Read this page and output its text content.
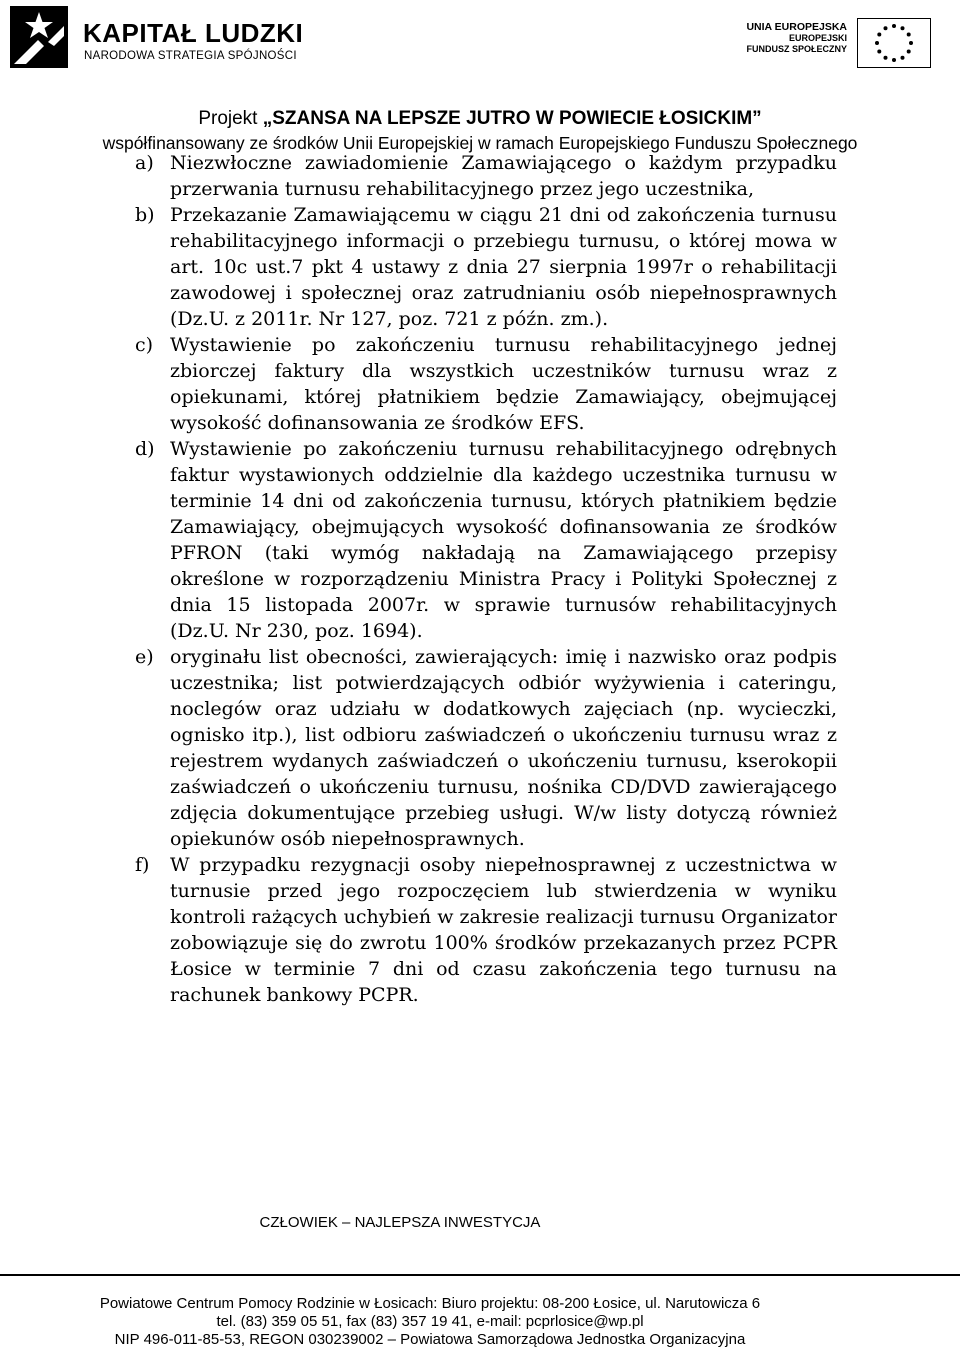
KAPITAŁ LUDZKI
NARODOWA STRATEGIA SPÓJNOŚCI
UNIA EUROPEJSKA
EUROPEJSKI
FUNDUSZ SPOŁECZNY
Projekt „SZANSA NA LEPSZE JUTRO W POWIECIE ŁOSICKIM”
współfinansowany ze środków Unii Europejskiej w ramach Europejskiego Funduszu Społecznego
a) Niezwłoczne zawiadomienie Zamawiającego o każdym przypadku przerwania turnusu rehabilitacyjnego przez jego uczestnika,

b) Przekazanie Zamawiającemu w ciągu 21 dni od zakończenia turnusu rehabilitacyjnego informacji o przebiegu turnusu, o której mowa w art. 10c ust.7 pkt 4 ustawy z dnia 27 sierpnia 1997r o rehabilitacji zawodowej i społecznej oraz zatrudnianiu osób niepełnosprawnych (Dz.U. z 2011r. Nr 127, poz. 721 z późn. zm.).

c) Wystawienie po zakończeniu turnusu rehabilitacyjnego jednej zbiorczej faktury dla wszystkich uczestników turnusu wraz z opiekunami, której płatnikiem będzie Zamawiający, obejmującej wysokość dofinansowania ze środków EFS.

d) Wystawienie po zakończeniu turnusu rehabilitacyjnego odrębnych faktur wystawionych oddzielnie dla każdego uczestnika turnusu w terminie 14 dni od zakończenia turnusu, których płatnikiem będzie Zamawiający, obejmujących wysokość dofinansowania ze środków PFRON (taki wymóg nakładają na Zamawiającego przepisy określone w rozporządzeniu Ministra Pracy i Polityki Społecznej z dnia 15 listopada 2007r. w sprawie turnusów rehabilitacyjnych (Dz.U. Nr 230, poz. 1694).

e) oryginału list obecności, zawierających: imię i nazwisko oraz podpis uczestnika; list potwierdzających odbiór wyżywienia i cateringu, noclegów oraz udziału w dodatkowych zajęciach (np. wycieczki, ognisko itp.), list odbioru zaświadczeń o ukończeniu turnusu wraz z rejestrem wydanych zaświadczeń o ukończeniu turnusu, kserokopii zaświadczeń o ukończeniu turnusu, nośnika CD/DVD zawierającego zdjęcia dokumentujące przebieg usługi. W/w listy dotyczą również opiekunów osób niepełnosprawnych.

f) W przypadku rezygnacji osoby niepełnosprawnej z uczestnictwa w turnusie przed jego rozpoczęciem lub stwierdzenia w wyniku kontroli rażących uchybień w zakresie realizacji turnusu Organizator zobowiązuje się do zwrotu 100% środków przekazanych przez PCPR Łosice w terminie 7 dni od czasu zakończenia tego turnusu na rachunek bankowy PCPR.

CZŁOWIEK – NAJLEPSZA INWESTYCJA
Powiatowe Centrum Pomocy Rodzinie w Łosicach: Biuro projektu: 08-200 Łosice, ul. Narutowicza 6
tel. (83) 359 05 51, fax (83) 357 19 41, e-mail: pcprlosice@wp.pl
NIP 496-011-85-53, REGON 030239002 – Powiatowa Samorządowa Jednostka Organizacyjna
